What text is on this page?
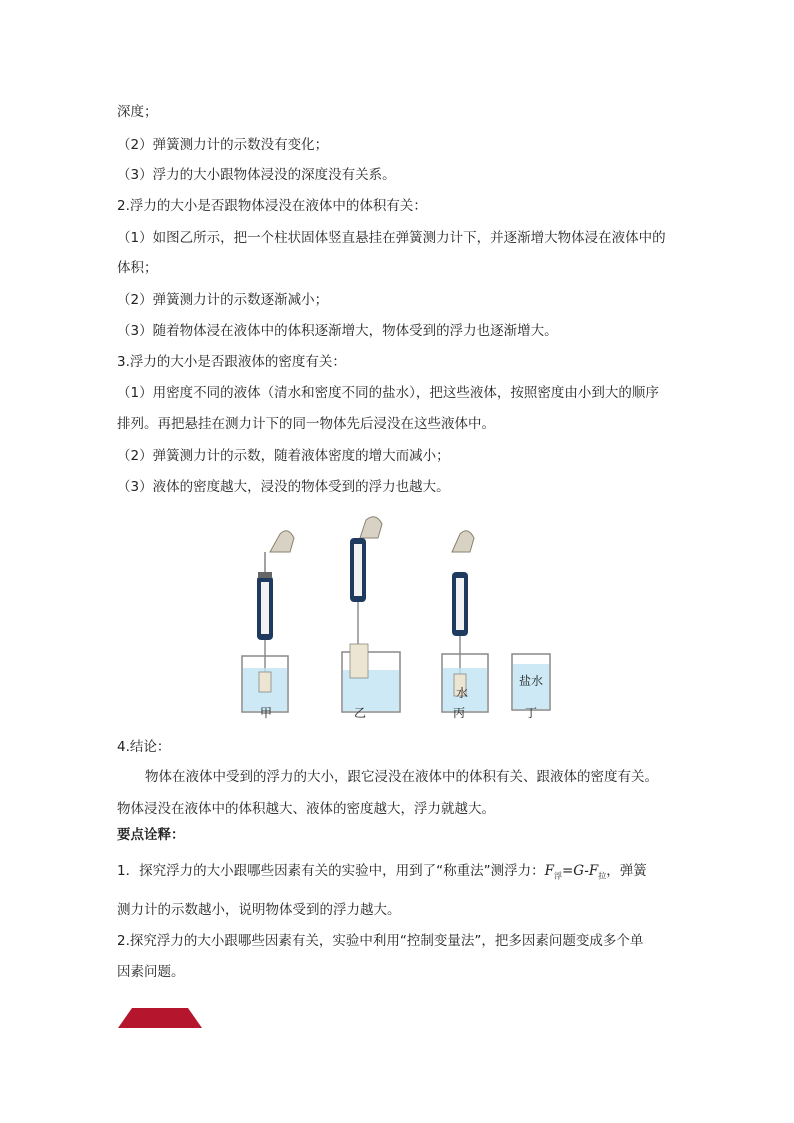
深度；
（2）弹簧测力计的示数没有变化；
（3）浮力的大小跟物体浸没的深度没有关系。
2.浮力的大小是否跟物体浸没在液体中的体积有关：
（1）如图乙所示，把一个柱状固体竖直悬挂在弹簧测力计下，并逐渐增大物体浸在液体中的
体积；
（2）弹簧测力计的示数逐渐减小；
（3）随着物体浸在液体中的体积逐渐增大，物体受到的浮力也逐渐增大。
3.浮力的大小是否跟液体的密度有关：
（1）用密度不同的液体（清水和密度不同的盐水），把这些液体，按照密度由小到大的顺序
排列。再把悬挂在测力计下的同一物体先后浸没在这些液体中。
（2）弹簧测力计的示数，随着液体密度的增大而减小；
（3）液体的密度越大，浸没的物体受到的浮力也越大。
水
盐水
甲	乙	丙	丁
4.结论：
物体在液体中受到的浮力的大小，跟它浸没在液体中的体积有关、跟液体的密度有关。
物体浸没在液体中的体积越大、液体的密度越大，浮力就越大。
要点诠释：
1．探究浮力的大小跟哪些因素有关的实验中，用到了“称重法”测浮力：$F_浮=G-F_拉$，弹簧
测力计的示数越小，说明物体受到的浮力越大。
2.探究浮力的大小跟哪些因素有关，实验中利用“控制变量法”，把多因素问题变成多个单
因素问题。
